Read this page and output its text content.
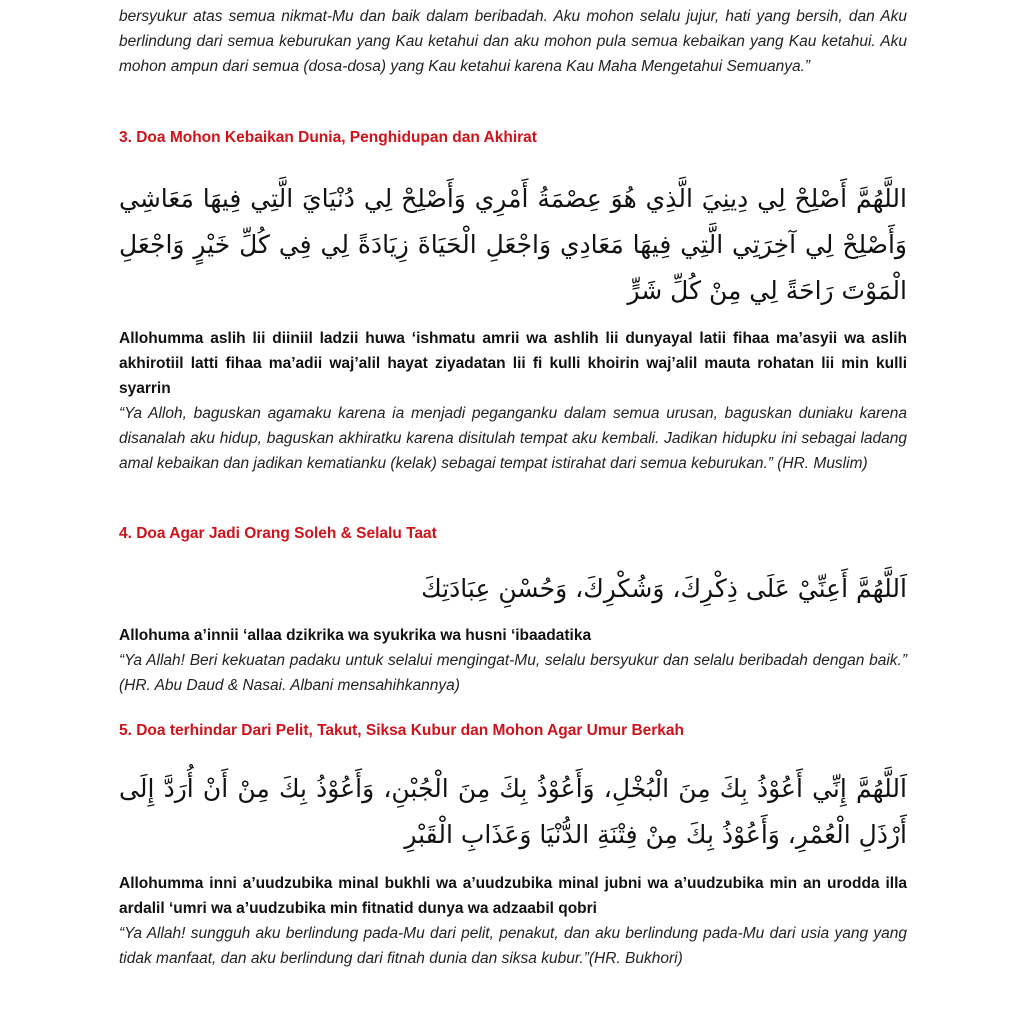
bersyukur atas semua nikmat-Mu dan baik dalam beribadah. Aku mohon selalu jujur, hati yang bersih, dan Aku berlindung dari semua keburukan yang Kau ketahui dan aku mohon pula semua kebaikan yang Kau ketahui. Aku mohon ampun dari semua (dosa-dosa) yang Kau ketahui karena Kau Maha Mengetahui Semuanya.”

3. Doa Mohon Kebaikan Dunia, Penghidupan dan Akhirat

اللَّهُمَّ أَصْلِحْ لِي دِينِيَ الَّذِي هُوَ عِصْمَةُ أَمْرِي وَأَصْلِحْ لِي دُنْيَايَ الَّتِي فِيهَا مَعَاشِي وَأَصْلِحْ لِي آخِرَتِي الَّتِي فِيهَا مَعَادِي وَاجْعَلِ الْحَيَاةَ زِيَادَةً لِي فِي كُلِّ خَيْرٍ وَاجْعَلِ الْمَوْتَ رَاحَةً لِي مِنْ كُلِّ شَرٍّ

Allohumma aslih lii diiniil ladzii huwa ‘ishmatu amrii wa ashlih lii dunyayal latii fihaa ma’asyii wa aslih akhirotiil latti fihaa ma’adii waj’alil hayat ziyadatan lii fi kulli khoirin waj’alil mauta rohatan lii min kulli syarrin

“Ya Alloh, baguskan agamaku karena ia menjadi peganganku dalam semua urusan, baguskan duniaku karena disanalah aku hidup, baguskan akhiratku karena disitulah tempat aku kembali. Jadikan hidupku ini sebagai ladang amal kebaikan dan jadikan kematianku (kelak) sebagai tempat istirahat dari semua keburukan.” (HR. Muslim)

4. Doa Agar Jadi Orang Soleh & Selalu Taat

اَللَّهُمَّ أَعِنِّيْ عَلَى ذِكْرِكَ، وَشُكْرِكَ، وَحُسْنِ عِبَادَتِكَ

Allohuma a’innii ‘allaa dzikrika wa syukrika wa husni ‘ibaadatika

“Ya Allah! Beri kekuatan padaku untuk selalui mengingat-Mu, selalu bersyukur dan selalu beribadah dengan baik.” (HR. Abu Daud & Nasai. Albani mensahihkannya)

5. Doa terhindar Dari Pelit, Takut, Siksa Kubur dan Mohon Agar Umur Berkah

اَللَّهُمَّ إِنِّي أَعُوْذُ بِكَ مِنَ الْبُخْلِ، وَأَعُوْذُ بِكَ مِنَ الْجُبْنِ، وَأَعُوْذُ بِكَ مِنْ أَنْ أُرَدَّ إِلَى أَرْذَلِ الْعُمْرِ، وَأَعُوْذُ بِكَ مِنْ فِتْنَةِ الدُّنْيَا وَعَذَابِ الْقَبْرِ

Allohumma inni a’uudzubika minal bukhli wa a’uudzubika minal jubni wa a’uudzubika min an urodda illa ardalil ‘umri wa a’uudzubika min fitnatid dunya wa adzaabil qobri

“Ya Allah! sungguh aku berlindung pada-Mu dari pelit, penakut, dan aku berlindung pada-Mu dari usia yang yang tidak manfaat, dan aku berlindung dari fitnah dunia dan siksa kubur.”(HR. Bukhori)
